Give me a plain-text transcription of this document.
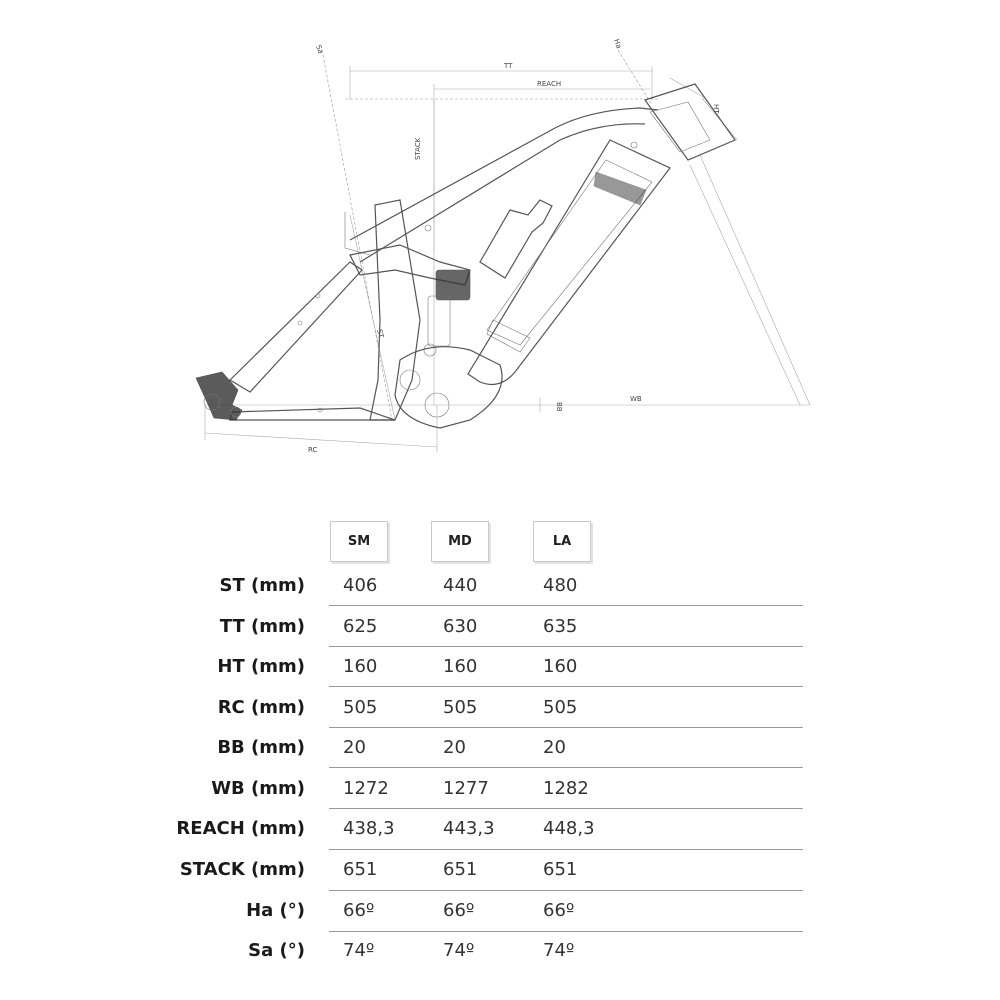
Sa	Ha
TT
REACH
HT
STACK
ST
BB
WB
RC
SM	MD	LA
ST (mm) 406	440	480
TT (mm) 625	630	635
HT (mm) 160	160	160
RC (mm) 505	505	505
BB (mm) 20	20	20
WB (mm) 1272	1277	1282
REACH (mm) 438,3	443,3	448,3
STACK (mm) 651	651	651
Ha (°) 66º	66º	66º
Sa (°) 74º	74º	74º
